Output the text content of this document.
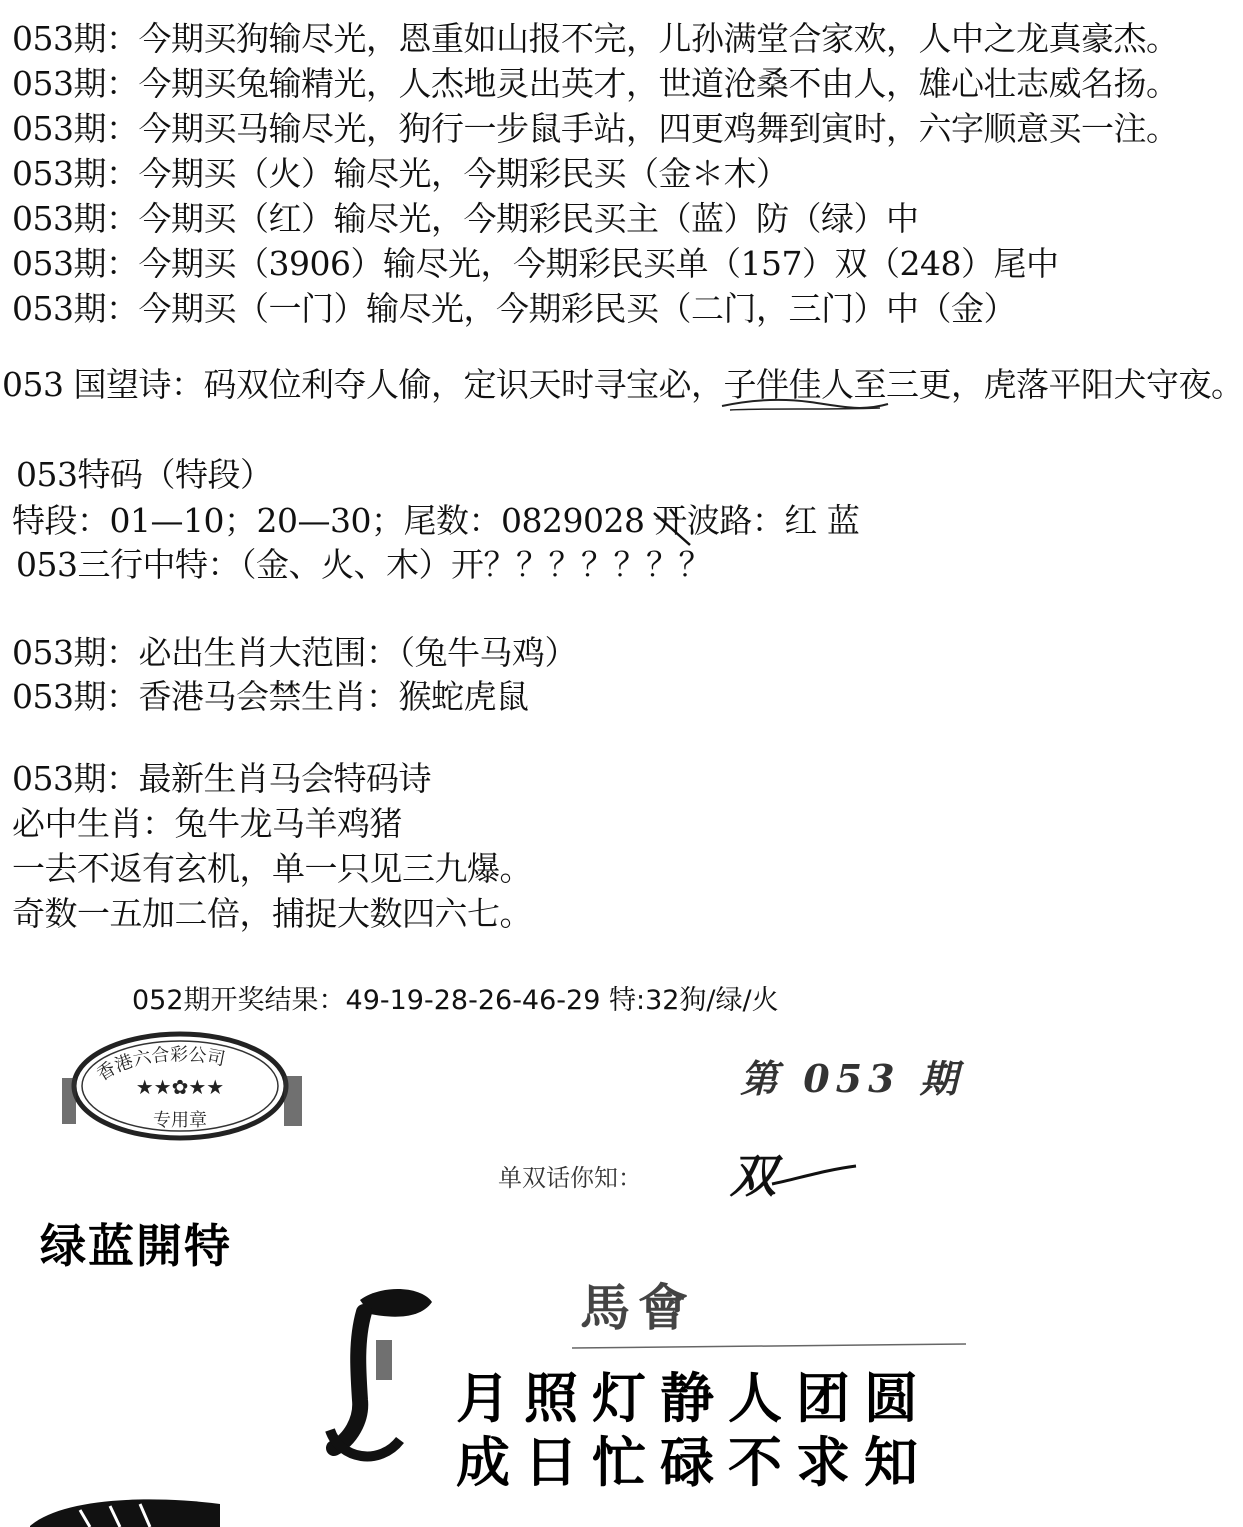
053期：今期买狗输尽光，恩重如山报不完，儿孙满堂合家欢，人中之龙真豪杰。
053期：今期买兔输精光，人杰地灵出英才，世道沧桑不由人，雄心壮志威名扬。
053期：今期买马输尽光，狗行一步鼠手站，四更鸡舞到寅时，六字顺意买一注。
053期：今期买（火）输尽光，今期彩民买（金＊木）
053期：今期买（红）输尽光，今期彩民买主（蓝）防（绿）中
053期：今期买（3906）输尽光，今期彩民买单（157）双（248）尾中
053期：今期买（一门）输尽光，今期彩民买（二门，三门）中（金）
053 国望诗：码双位利夺人偷，定识天时寻宝必，子伴佳人至三更，虎落平阳犬守夜。
053特码（特段）
特段：01—10；20—30；尾数：0829028 开波路：红 蓝
053三行中特：（金、火、木）开？？？？？？？
053期：必出生肖大范围：（兔牛马鸡）
053期：香港马会禁生肖：猴蛇虎鼠
053期：最新生肖马会特码诗
必中生肖：兔牛龙马羊鸡猪
一去不返有玄机，单一只见三九爆。
奇数一五加二倍，捕捉大数四六七。
052期开奖结果：49-19-28-26-46-29 特:32狗/绿/火
香港六合彩公司
★★✿★★
专用章
第 053 期
单双话你知： 双
绿蓝開特
馬會
月照灯静人团圆
成日忙碌不求知
